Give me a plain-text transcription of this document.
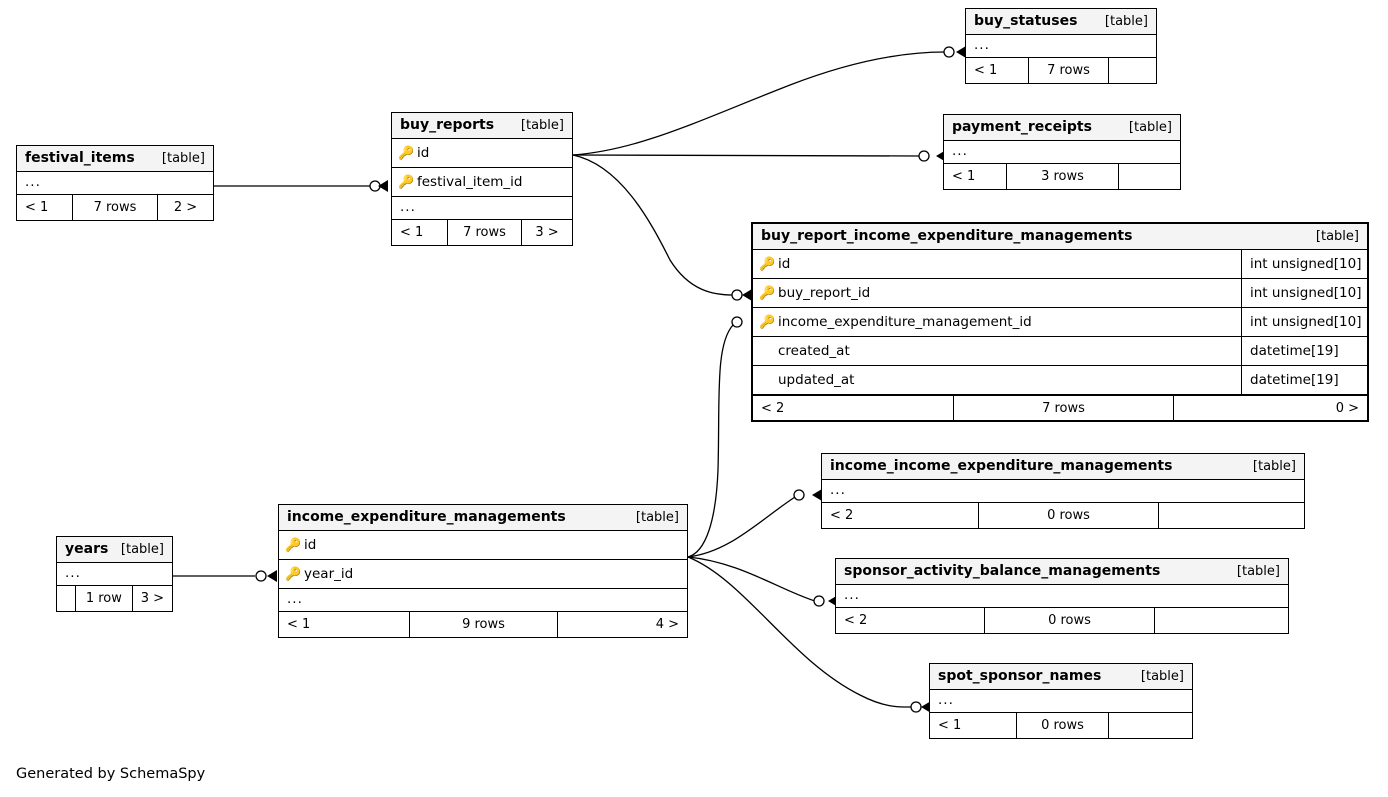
buy_statuses	[table]
...
< 1	7 rows
payment_receipts	[table]
...
< 1	3 rows
buy_reports	[table]
🔑 id
🔑 festival_item_id
...
< 1	7 rows	3 >
festival_items	[table]
...
< 1	7 rows	2 >
buy_report_income_expenditure_managements	[table]
🔑 id	int unsigned[10]
🔑 buy_report_id	int unsigned[10]
🔑 income_expenditure_management_id	int unsigned[10]
created_at	datetime[19]
updated_at	datetime[19]
< 2	7 rows	0 >
income_income_expenditure_managements	[table]
...
< 2	0 rows
sponsor_activity_balance_managements	[table]
...
< 2	0 rows
spot_sponsor_names	[table]
...
< 1	0 rows
income_expenditure_managements	[table]
🔑 id
🔑 year_id
...
< 1	9 rows	4 >
years [table]
...
1 row	3 >
Generated by SchemaSpy
